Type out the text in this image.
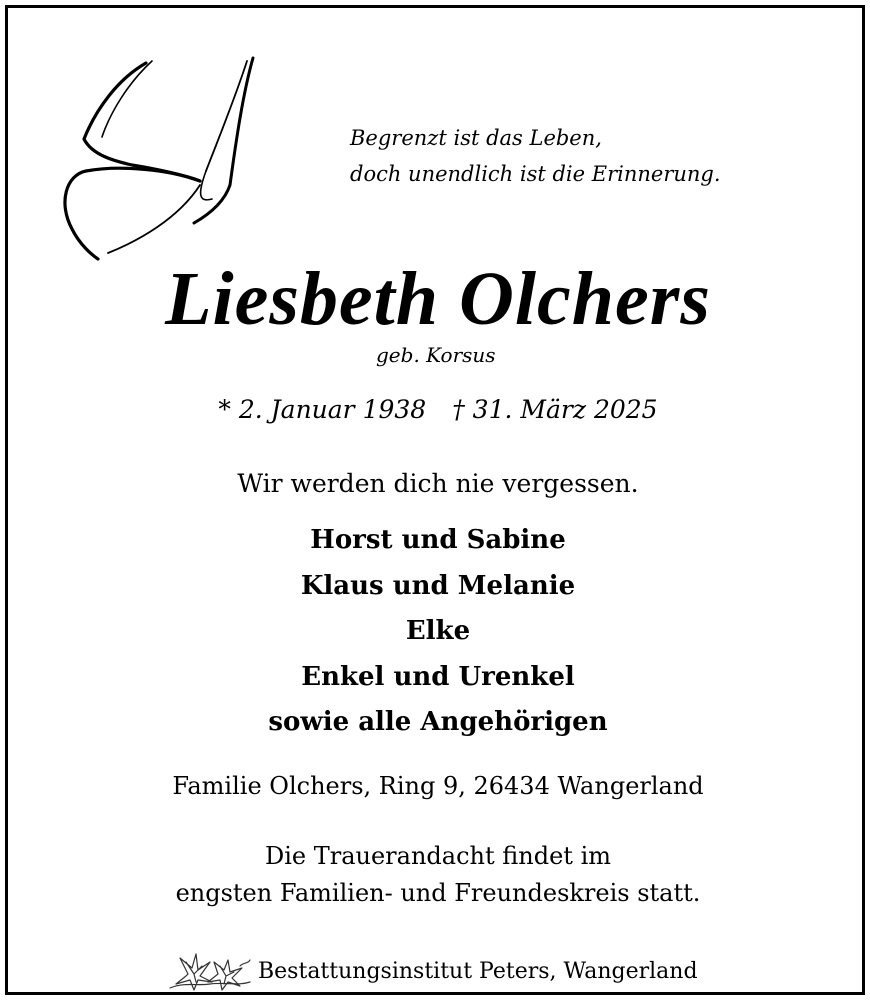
Begrenzt ist das Leben,
doch unendlich ist die Erinnerung.
Liesbeth Olchers
geb. Korsus
* 2. Januar 1938 † 31. März 2025
Wir werden dich nie vergessen.
Horst und Sabine
Klaus und Melanie
Elke
Enkel und Urenkel
sowie alle Angehörigen
Familie Olchers, Ring 9, 26434 Wangerland
Die Trauerandacht findet im
engsten Familien- und Freundeskreis statt.
Bestattungsinstitut Peters, Wangerland
